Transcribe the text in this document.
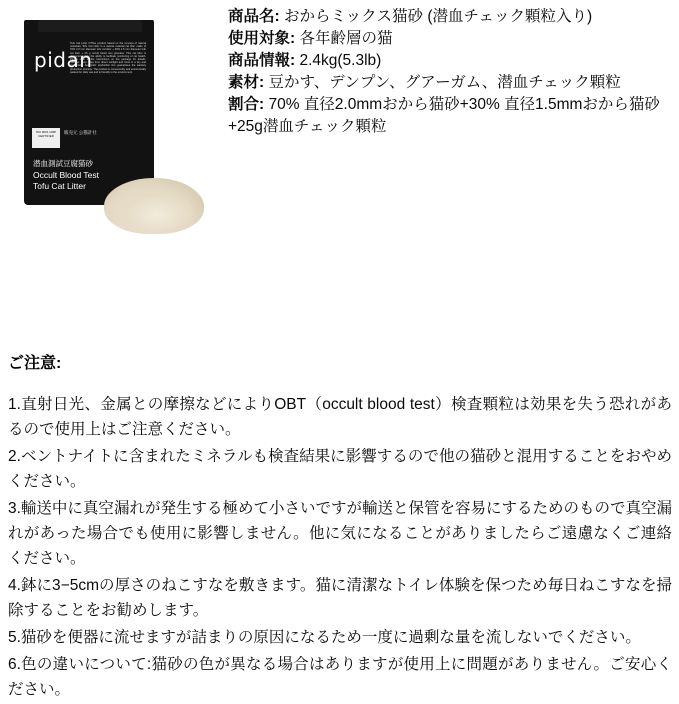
pidan
Tofu Cat Litter OTTee product based on the concept of natural materials, Tofu Cat Litter is a natural material cat litter made of 70% 2.0 mm diameter tofu cat litter + 30% 1.5 mm diameter tofu cat litter + 25 g occult blood test granules. This cat litter is characterized by the ability to facilitate monitoring of cat health. Please refer to the instructions on the package for details. Storage: keep away from direct sunlight and store in a dry and cool place. Automatic production line guarantees the sanitary production process. The product is conveniently and economically packed for daily use and is friendly to the environment.
ISO 9001 GMP CERTIFIED
販売元 公猫計社
潜血測試豆腐猫砂
Occult Blood Test
Tofu Cat Litter
商品名: おからミックス猫砂 (潜血チェック顆粒入り)
使用対象: 各年齢層の猫
商品情報: 2.4kg(5.3lb)
素材: 豆かす、デンプン、グアーガム、潜血チェック顆粒
割合: 70% 直径2.0mmおから猫砂+30% 直径1.5mmおから猫砂+25g潜血チェック顆粒
ご注意:
1.直射日光、金属との摩擦などによりOBT（occult blood test）検査顆粒は効果を失う恐れがあるので使用上はご注意ください。
2.ベントナイトに含まれたミネラルも検査結果に影響するので他の猫砂と混用することをおやめください。
3.輸送中に真空漏れが発生する極めて小さいですが輸送と保管を容易にするためのもので真空漏れがあった場合でも使用に影響しません。他に気になることがありましたらご遠慮なくご連絡ください。
4.鉢に3−5cmの厚さのねこすなを敷きます。猫に清潔なトイレ体験を保つため毎日ねこすなを掃除することをお勧めします。
5.猫砂を便器に流せますが詰まりの原因になるため一度に過剰な量を流しないでください。
6.色の違いについて:猫砂の色が異なる場合はありますが使用上に問題がありません。ご安心ください。
